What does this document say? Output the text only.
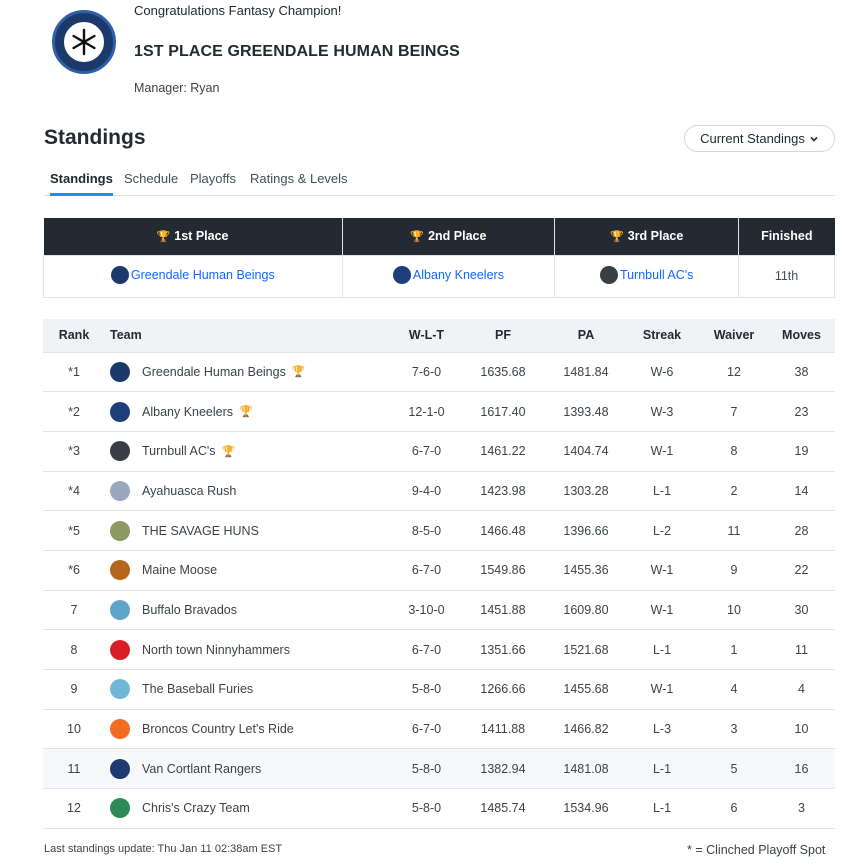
Congratulations Fantasy Champion!
1ST PLACE GREENDALE HUMAN BEINGS
Manager: Ryan
Standings	Current Standings
Standings Schedule Playoffs Ratings & Levels
🏆 1st Place	🏆 2nd Place	🏆 3rd Place	Finished

Greendale Human Beings	Albany Kneelers	Turnbull AC's	11th
Rank	Team	W-L-T	PF	PA	Streak	Waiver	Moves
*1	Greendale Human Beings 🏆	7-6-0	1635.68	1481.84	W-6	12	38
*2	Albany Kneelers 🏆	12-1-0	1617.40	1393.48	W-3	7	23
*3	Turnbull AC's 🏆	6-7-0	1461.22	1404.74	W-1	8	19
*4	Ayahuasca Rush	9-4-0	1423.98	1303.28	L-1	2	14
*5	THE SAVAGE HUNS	8-5-0	1466.48	1396.66	L-2	11	28
*6	Maine Moose	6-7-0	1549.86	1455.36	W-1	9	22
7	Buffalo Bravados	3-10-0	1451.88	1609.80	W-1	10	30
8	North town Ninnyhammers	6-7-0	1351.66	1521.68	L-1	1	11
9	The Baseball Furies	5-8-0	1266.66	1455.68	W-1	4	4
10	Broncos Country Let's Ride	6-7-0	1411.88	1466.82	L-3	3	10
11	Van Cortlant Rangers	5-8-0	1382.94	1481.08	L-1	5	16
12	Chris's Crazy Team	5-8-0	1485.74	1534.96	L-1	6	3
Last standings update: Thu Jan 11 02:38am EST	* = Clinched Playoff Spot
